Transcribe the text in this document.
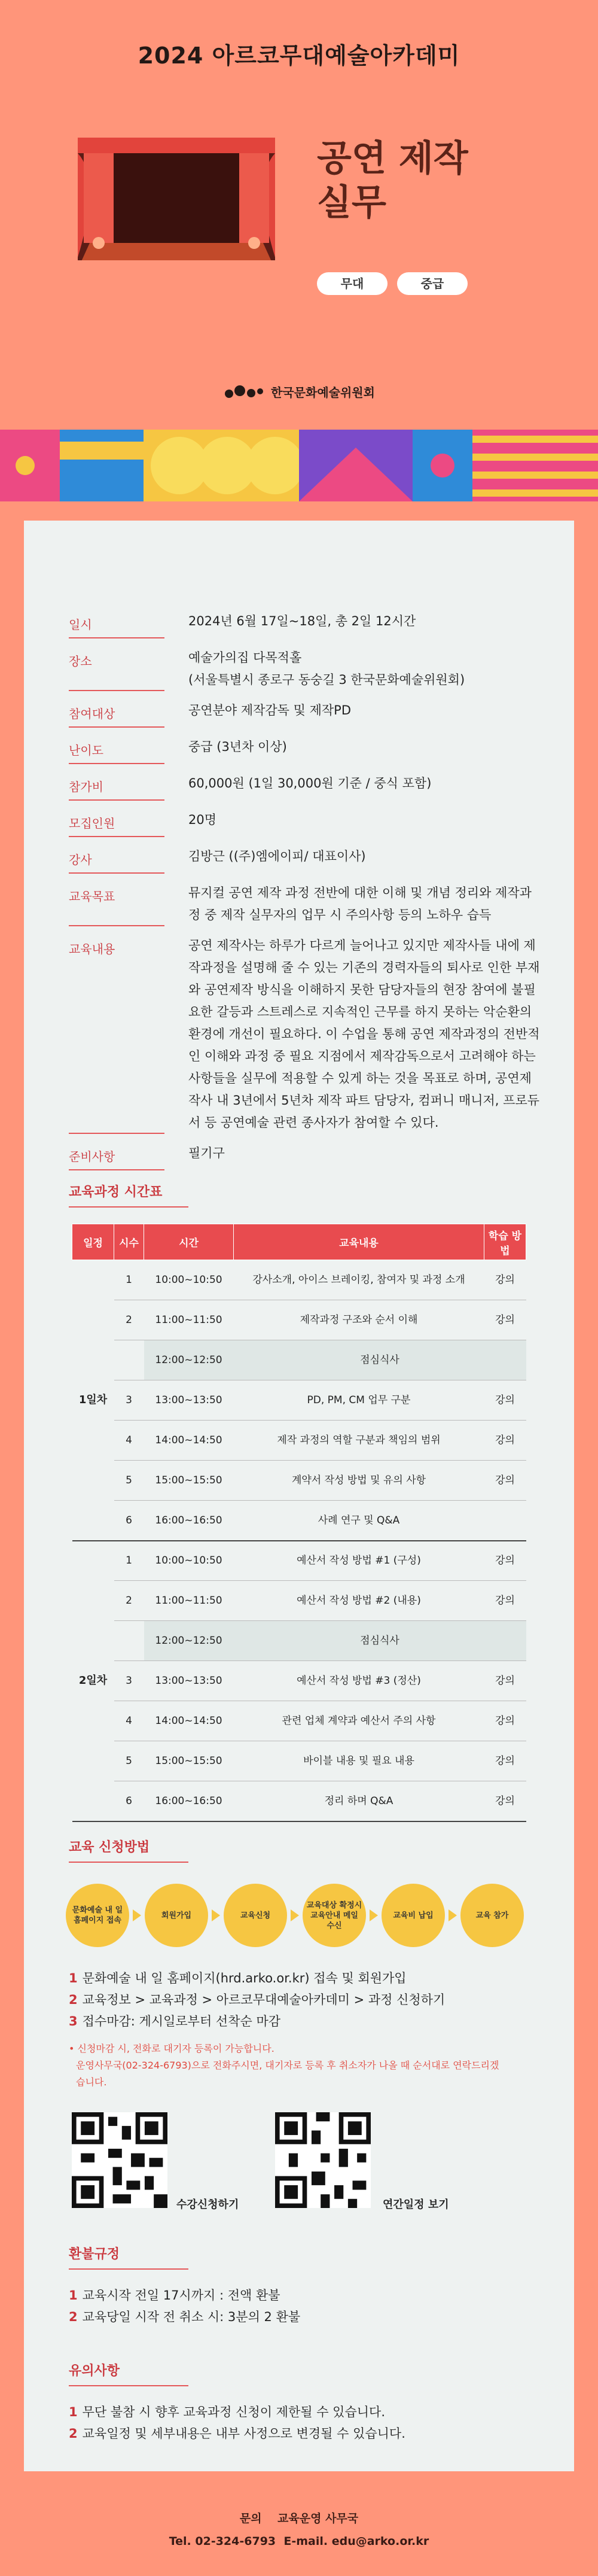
2024 아르코무대예술아카데미
공연 제작
실무
무대	중급
한국문화예술위원회
일시	2024년 6월 17일~18일, 총 2일 12시간
장소	예술가의집 다목적홀
(서울특별시 종로구 동숭길 3 한국문화예술위원회)
참여대상	공연분야 제작감독 및 제작PD
난이도	중급 (3년차 이상)
참가비	60,000원 (1일 30,000원 기준 / 중식 포함)
모집인원	20명
강사	김방근 ((주)엠에이피/ 대표이사)
교육목표	뮤지컬 공연 제작 과정 전반에 대한 이해 및 개념 정리와 제작과정 중 제작 실무자의 업무 시 주의사항 등의 노하우 습득
교육내용	공연 제작사는 하루가 다르게 늘어나고 있지만 제작사들 내에 제작과정을 설명해 줄 수 있는 기존의 경력자들의 퇴사로 인한 부재와 공연제작 방식을 이해하지 못한 담당자들의 현장 참여에 불필요한 갈등과 스트레스로 지속적인 근무를 하지 못하는 악순환의 환경에 개선이 필요하다. 이 수업을 통해 공연 제작과정의 전반적인 이해와 과정 중 필요 지점에서 제작감독으로서 고려해야 하는 사항들을 실무에 적용할 수 있게 하는 것을 목표로 하며, 공연제작사 내 3년에서 5년차 제작 파트 담당자, 컴퍼니 매니저, 프로듀서 등 공연예술 관련 종사자가 참여할 수 있다.
준비사항	필기구
교육과정 시간표
일정	시수	시간	교육내용	학습 방법
1일차	1	10:00~10:50	강사소개, 아이스 브레이킹, 참여자 및 과정 소개	강의
	2	11:00~11:50	제작과정 구조와 순서 이해	강의
		12:00~12:50	점심식사	
	3	13:00~13:50	PD, PM, CM 업무 구분	강의
	4	14:00~14:50	제작 과정의 역할 구분과 책임의 범위	강의
	5	15:00~15:50	계약서 작성 방법 및 유의 사항	강의
	6	16:00~16:50	사례 연구 및 Q&A	
2일차	1	10:00~10:50	예산서 작성 방법 #1 (구성)	강의
	2	11:00~11:50	예산서 작성 방법 #2 (내용)	강의
		12:00~12:50	점심식사	
	3	13:00~13:50	예산서 작성 방법 #3 (정산)	강의
	4	14:00~14:50	관련 업체 계약과 예산서 주의 사항	강의
	5	15:00~15:50	바이블 내용 및 필요 내용	강의
	6	16:00~16:50	정리 하며 Q&A	강의
교육 신청방법
문화예술 내 일 홈페이지 접속
회원가입	교육신청
교육대상 확정시 교육안내 메일 수신
교육비 납입	교육 참가
1 문화예술 내 일 홈페이지(hrd.arko.or.kr) 접속 및 회원가입
2 교육정보 > 교육과정 > 아르코무대예술아카데미 > 과정 신청하기
3 접수마감: 게시일로부터 선착순 마감
• 신청마감 시, 전화로 대기자 등록이 가능합니다.
운영사무국(02-324-6793)으로 전화주시면, 대기자로 등록 후 취소자가 나올 때 순서대로 연락드리겠습니다.
수강신청하기	연간일정 보기
환불규정
1 교육시작 전일 17시까지 : 전액 환불
2 교육당일 시작 전 취소 시: 3분의 2 환불
유의사항
1 무단 불참 시 향후 교육과정 신청이 제한될 수 있습니다.
2 교육일정 및 세부내용은 내부 사정으로 변경될 수 있습니다.
문의 교육운영 사무국
Tel. 02-324-6793 E-mail. edu@arko.or.kr
